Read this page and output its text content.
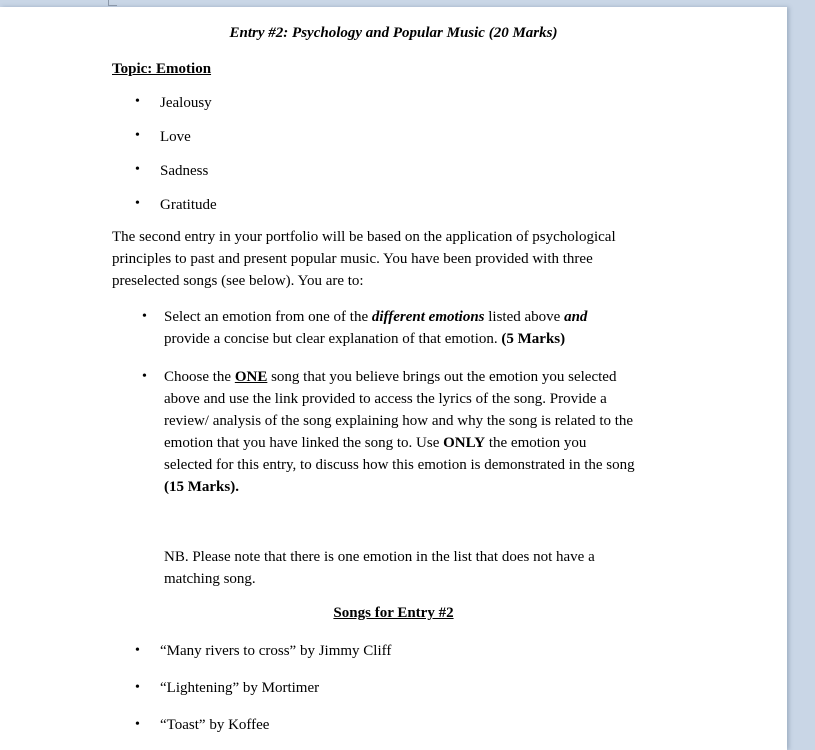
Entry #2: Psychology and Popular Music (20 Marks)
Topic: Emotion
• Jealousy
• Love
• Sadness
• Gratitude
The second entry in your portfolio will be based on the application of psychological
principles to past and present popular music. You have been provided with three
preselected songs (see below). You are to:
• Select an emotion from one of the different emotions listed above and
provide a concise but clear explanation of that emotion. (5 Marks)
• Choose the ONE song that you believe brings out the emotion you selected
above and use the link provided to access the lyrics of the song. Provide a
review/ analysis of the song explaining how and why the song is related to the
emotion that you have linked the song to. Use ONLY the emotion you
selected for this entry, to discuss how this emotion is demonstrated in the song
(15 Marks).
NB. Please note that there is one emotion in the list that does not have a
matching song.
Songs for Entry #2
• “Many rivers to cross” by Jimmy Cliff
• “Lightening” by Mortimer
• “Toast” by Koffee
